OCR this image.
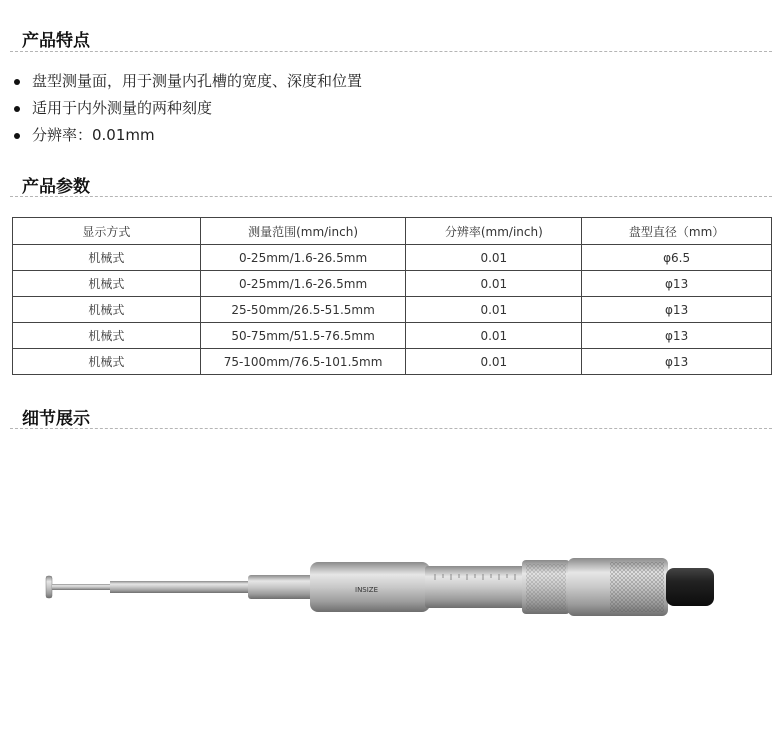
产品特点
盘型测量面，用于测量内孔槽的宽度、深度和位置
适用于内外测量的两种刻度
分辨率：0.01mm
产品参数
显示方式	测量范围(mm/inch)	分辨率(mm/inch)	盘型直径（mm）
机械式	0-25mm/1.6-26.5mm	0.01	φ6.5
机械式	0-25mm/1.6-26.5mm	0.01	φ13
机械式	25-50mm/26.5-51.5mm	0.01	φ13
机械式	50-75mm/51.5-76.5mm	0.01	φ13
机械式	75-100mm/76.5-101.5mm	0.01	φ13
细节展示
INSIZE
